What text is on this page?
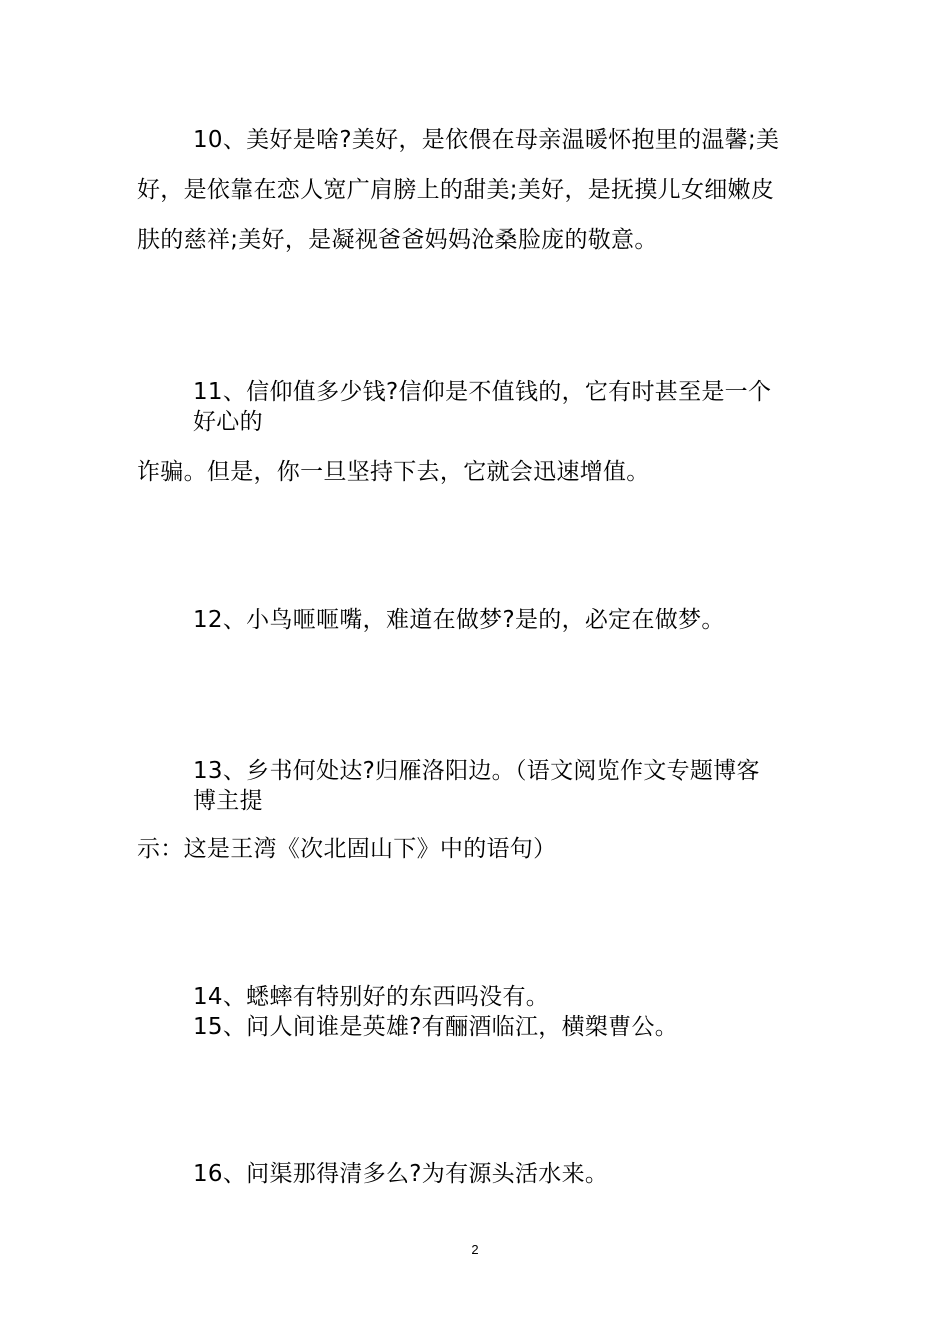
10、美好是啥?美好，是依偎在母亲温暖怀抱里的温馨;美
好，是依靠在恋人宽广肩膀上的甜美;美好，是抚摸儿女细嫩皮
肤的慈祥;美好，是凝视爸爸妈妈沧桑脸庞的敬意。
11、信仰值多少钱?信仰是不值钱的，它有时甚至是一个
好心的
诈骗。但是，你一旦坚持下去，它就会迅速增值。
12、小鸟咂咂嘴，难道在做梦?是的，必定在做梦。
13、乡书何处达?归雁洛阳边。（语文阅览作文专题博客
博主提
示：这是王湾《次北固山下》中的语句）
14、蟋蟀有特别好的东西吗没有。
15、问人间谁是英雄?有酾酒临江，横槊曹公。
16、问渠那得清多么?为有源头活水来。
2
